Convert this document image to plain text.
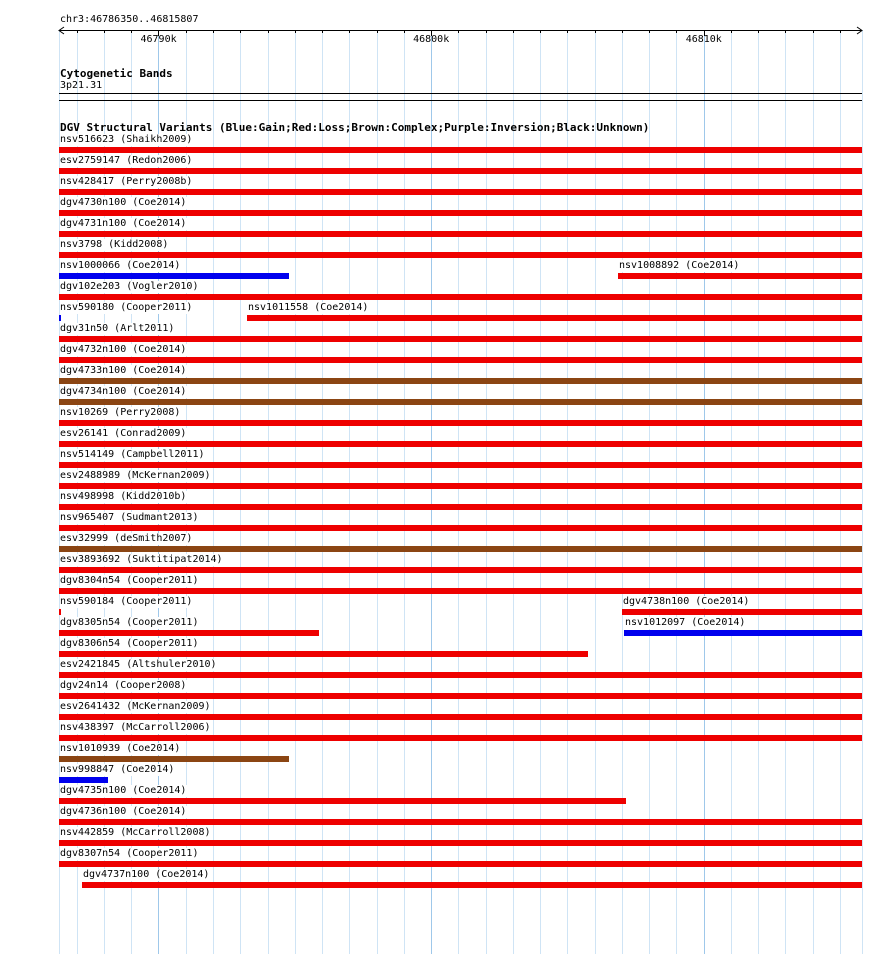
chr3:46786350..46815807
46790k	46800k	46810k
Cytogenetic Bands
3p21.31
DGV Structural Variants (Blue:Gain;Red:Loss;Brown:Complex;Purple:Inversion;Black:Unknown)
nsv516623 (Shaikh2009)
esv2759147 (Redon2006)
nsv428417 (Perry2008b)
dgv4730n100 (Coe2014)
dgv4731n100 (Coe2014)
nsv3798 (Kidd2008)
nsv1000066 (Coe2014)	nsv1008892 (Coe2014)
dgv102e203 (Vogler2010)
nsv590180 (Cooper2011)	nsv1011558 (Coe2014)
dgv31n50 (Arlt2011)
dgv4732n100 (Coe2014)
dgv4733n100 (Coe2014)
dgv4734n100 (Coe2014)
nsv10269 (Perry2008)
esv26141 (Conrad2009)
nsv514149 (Campbell2011)
esv2488989 (McKernan2009)
nsv498998 (Kidd2010b)
nsv965407 (Sudmant2013)
esv32999 (deSmith2007)
esv3893692 (Suktitipat2014)
dgv8304n54 (Cooper2011)
nsv590184 (Cooper2011)	dgv4738n100 (Coe2014)
dgv8305n54 (Cooper2011)	nsv1012097 (Coe2014)
dgv8306n54 (Cooper2011)
esv2421845 (Altshuler2010)
dgv24n14 (Cooper2008)
esv2641432 (McKernan2009)
nsv438397 (McCarroll2006)
nsv1010939 (Coe2014)
nsv998847 (Coe2014)
dgv4735n100 (Coe2014)
dgv4736n100 (Coe2014)
nsv442859 (McCarroll2008)
dgv8307n54 (Cooper2011)
dgv4737n100 (Coe2014)
